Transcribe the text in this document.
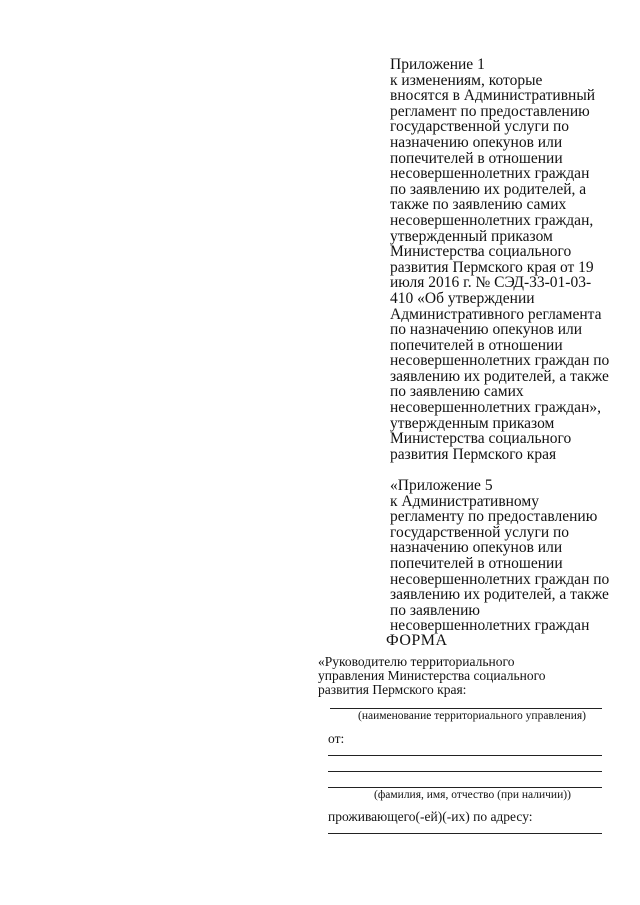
Приложение 1
к изменениям, которые
вносятся в Административный
регламент по предоставлению
государственной услуги по
назначению опекунов или
попечителей в отношении
несовершеннолетних граждан
по заявлению их родителей, а
также по заявлению самих
несовершеннолетних граждан,
утвержденный приказом
Министерства социального
развития Пермского края от 19
июля 2016 г. № СЭД-33-01-03-
410 «Об утверждении
Административного регламента
по назначению опекунов или
попечителей в отношении
несовершеннолетних граждан по
заявлению их родителей, а также
по заявлению самих
несовершеннолетних граждан»,
утвержденным приказом
Министерства социального
развития Пермского края
«Приложение 5
к Административному
регламенту по предоставлению
государственной услуги по
назначению опекунов или
попечителей в отношении
несовершеннолетних граждан по
заявлению их родителей, а также
по заявлению
несовершеннолетних граждан
ФОРМА
«Руководителю территориального
управления Министерства социального
развития Пермского края:
(наименование территориального управления)
от:
(фамилия, имя, отчество (при наличии))
проживающего(-ей)(-их) по адресу:
